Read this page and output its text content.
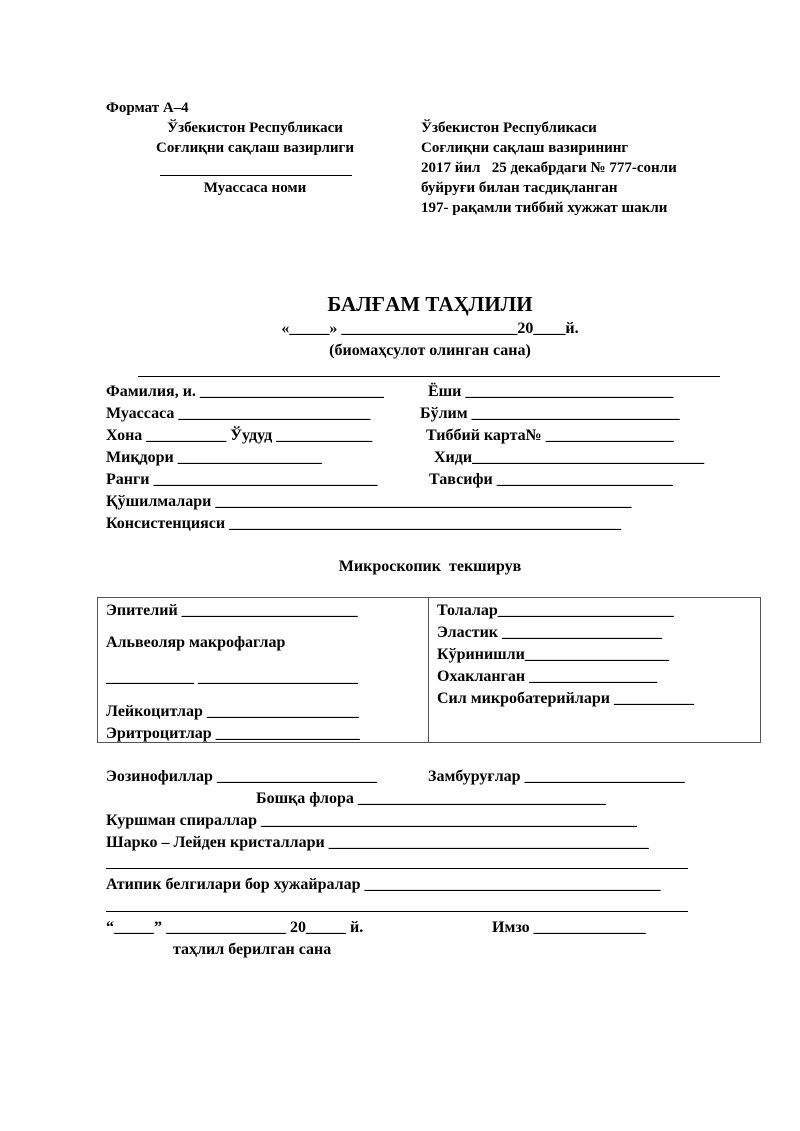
Формат А–4
Ўзбекистон Республикаси
Соғлиқни сақлаш вазирлиги
Муассаса номи
Ўзбекистон Республикаси
Соғлиқни сақлаш вазирининг
2017 йил   25 декабрдаги № 777-сонли
буйруғи билан тасдиқланган
197- рақамли тиббий хужжат шакли
БАЛҒАМ ТАҲЛИЛИ
«_____» ______________________20____й.
(биомаҳсулот олинган сана)
Фамилия, и. _______________________	Ёши __________________________
Муассаса ________________________	Бўлим __________________________
Хона __________ Ўудуд ____________	Тиббий карта№ ________________
Миқдори __________________	Хиди_____________________________
Ранги ____________________________	Тавсифи ______________________
Қўшилмалари ____________________________________________________
Консистенцияси _________________________________________________
Микроскопик  текширув
Эпителий ______________________
Альвеоляр макрофаглар
___________ ____________________
Лейкоцитлар ___________________
Эритроцитлар __________________
Толалар______________________
Эластик ____________________
Кўринишли__________________
Охакланган ________________
Сил микробатерийлари __________
Эозинофиллар ____________________	Замбуруғлар ____________________
Бошқа флора _______________________________
Куршман спираллар _______________________________________________
Шарко – Лейден кристаллари ________________________________________
Атипик белгилари бор хужайралар _____________________________________
“_____” _______________ 20_____ й.	Имзо ______________
таҳлил берилган сана
